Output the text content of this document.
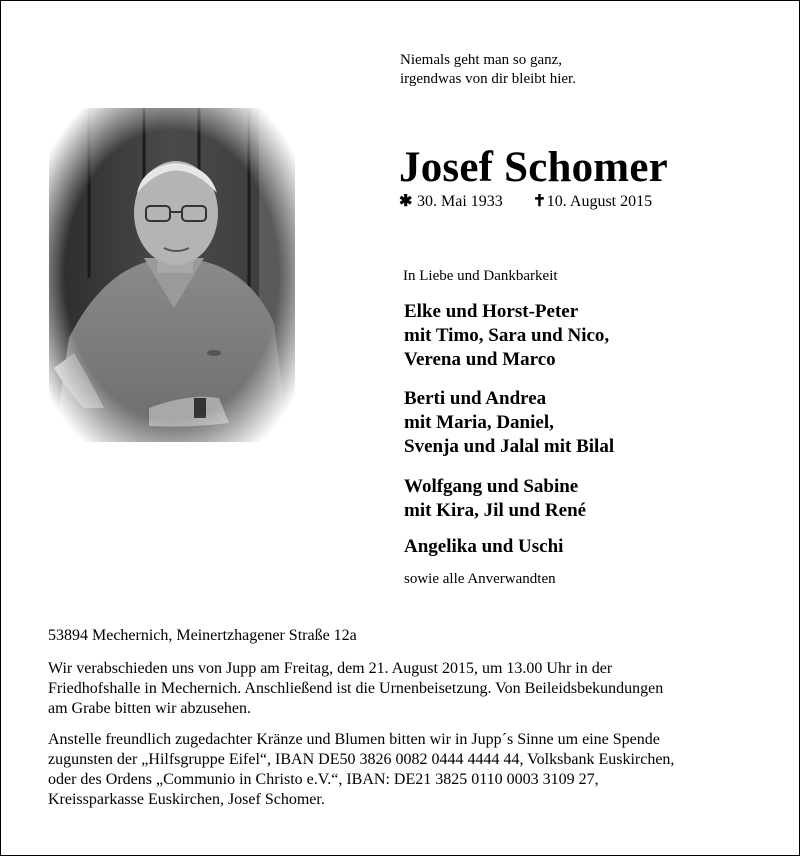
Niemals geht man so ganz,
irgendwas von dir bleibt hier.
Josef Schomer
✱ 30. Mai 1933 ✝10. August 2015
In Liebe und Dankbarkeit
Elke und Horst-Peter
mit Timo, Sara und Nico,
Verena und Marco
Berti und Andrea
mit Maria, Daniel,
Svenja und Jalal mit Bilal
Wolfgang und Sabine
mit Kira, Jil und René
Angelika und Uschi
sowie alle Anverwandten
53894 Mechernich, Meinertzhagener Straße 12a
Wir verabschieden uns von Jupp am Freitag, dem 21. August 2015, um 13.00 Uhr in der
Friedhofshalle in Mechernich. Anschließend ist die Urnenbeisetzung. Von Beileidsbekundungen
am Grabe bitten wir abzusehen.
Anstelle freundlich zugedachter Kränze und Blumen bitten wir in Jupp´s Sinne um eine Spende
zugunsten der „Hilfsgruppe Eifel“, IBAN DE50 3826 0082 0444 4444 44, Volksbank Euskirchen,
oder des Ordens „Communio in Christo e.V.“, IBAN: DE21 3825 0110 0003 3109 27,
Kreissparkasse Euskirchen, Josef Schomer.
